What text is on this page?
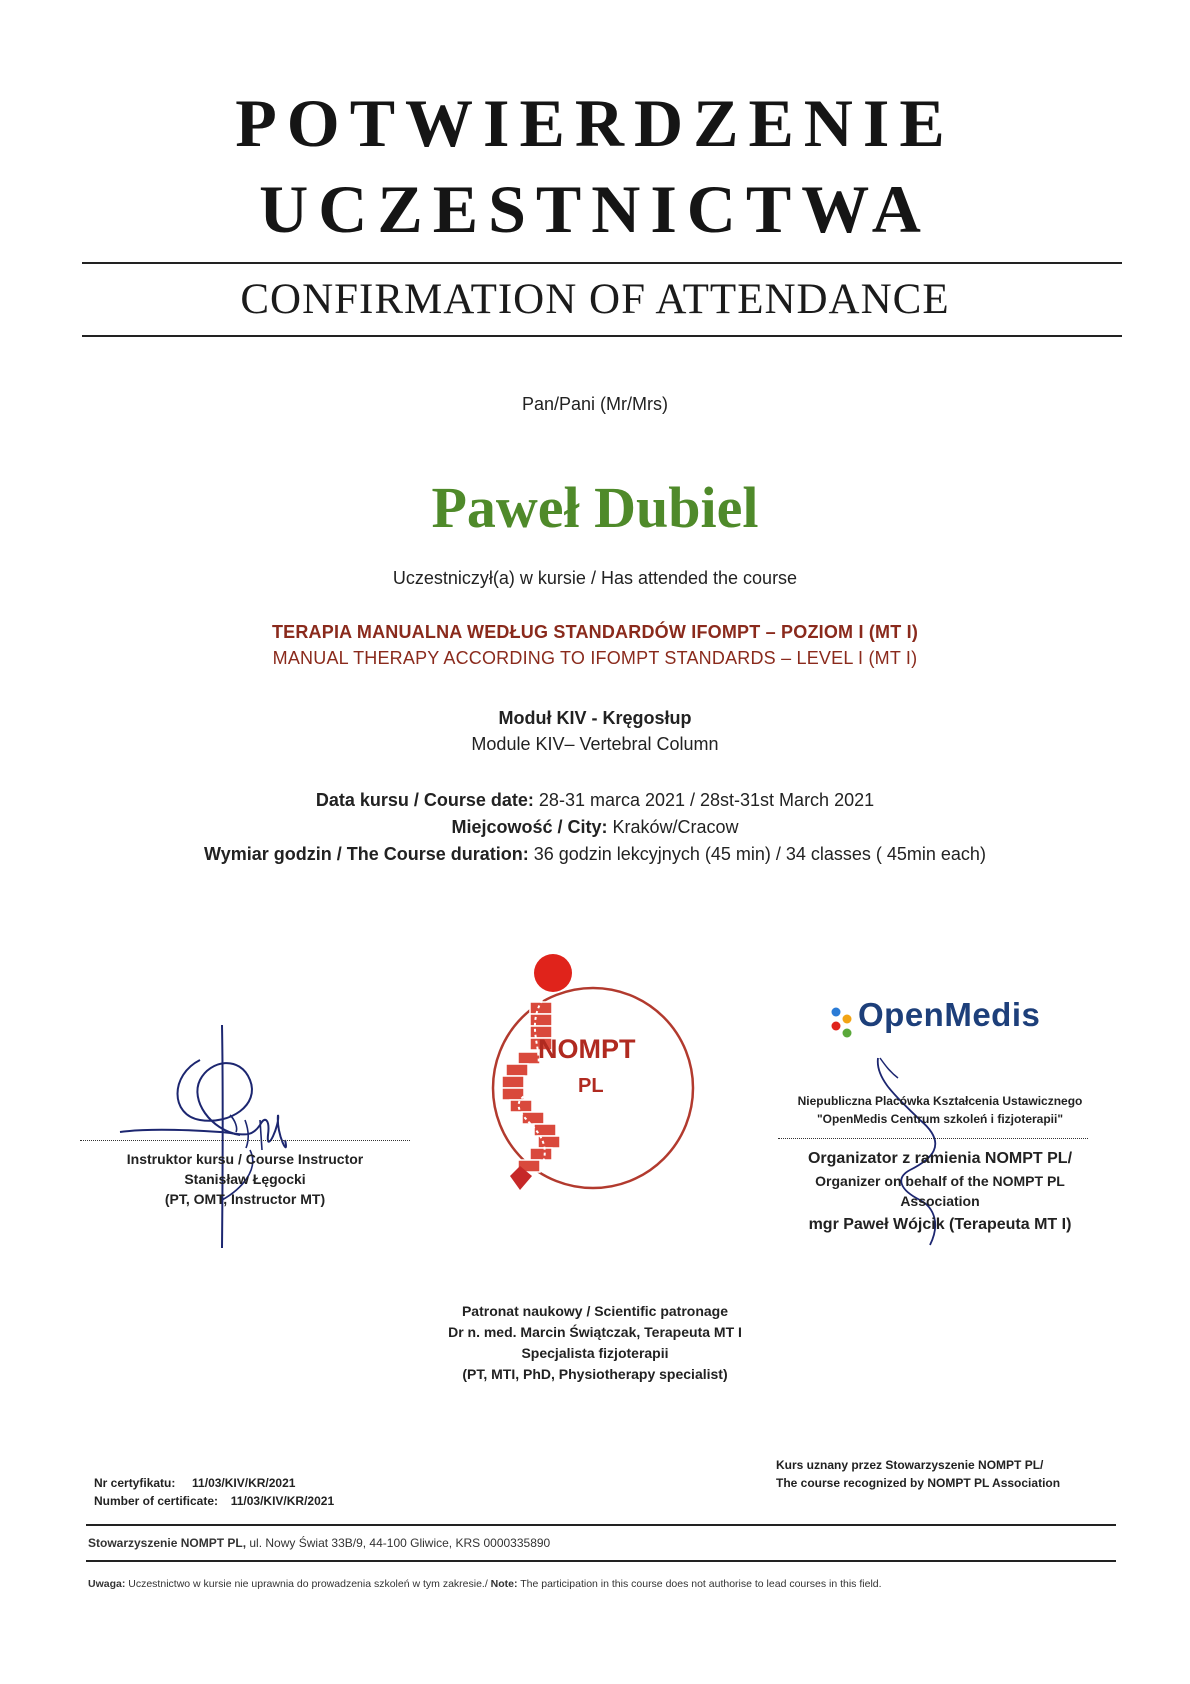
POTWIERDZENIE
UCZESTNICTWA
CONFIRMATION OF ATTENDANCE
Pan/Pani (Mr/Mrs)
Paweł Dubiel
Uczestniczył(a) w kursie / Has attended the course
TERAPIA MANUALNA WEDŁUG STANDARDÓW IFOMPT – POZIOM I (MT I)
MANUAL THERAPY ACCORDING TO IFOMPT STANDARDS – LEVEL I (MT I)
Moduł KIV - Kręgosłup
Module KIV– Vertebral Column
Data kursu / Course date: 28-31 marca 2021 / 28st-31st March 2021
Miejcowość / City: Kraków/Cracow
Wymiar godzin / The Course duration: 36 godzin lekcyjnych (45 min) / 34 classes ( 45min each)
Instruktor kursu / Course Instructor
Stanisław Łęgocki
(PT, OMT, Instructor MT)
NOMPT
PL
OpenMedis
Niepubliczna Placówka Kształcenia Ustawicznego
"OpenMedis Centrum szkoleń i fizjoterapii"
Organizator z ramienia NOMPT PL/
Organizer on behalf of the NOMPT PL
Association
mgr Paweł Wójcik (Terapeuta MT I)
Patronat naukowy / Scientific patronage
Dr n. med. Marcin Świątczak, Terapeuta MT I
Specjalista fizjoterapii
(PT, MTI, PhD, Physiotherapy specialist)
Nr certyfikatu: 11/03/KIV/KR/2021
Number of certificate: 11/03/KIV/KR/2021
Kurs uznany przez Stowarzyszenie NOMPT PL/
The course recognized by NOMPT PL Association
Stowarzyszenie NOMPT PL, ul. Nowy Świat 33B/9, 44-100 Gliwice, KRS 0000335890
Uwaga: Uczestnictwo w kursie nie uprawnia do prowadzenia szkoleń w tym zakresie./ Note: The participation in this course does not authorise to lead courses in this field.
